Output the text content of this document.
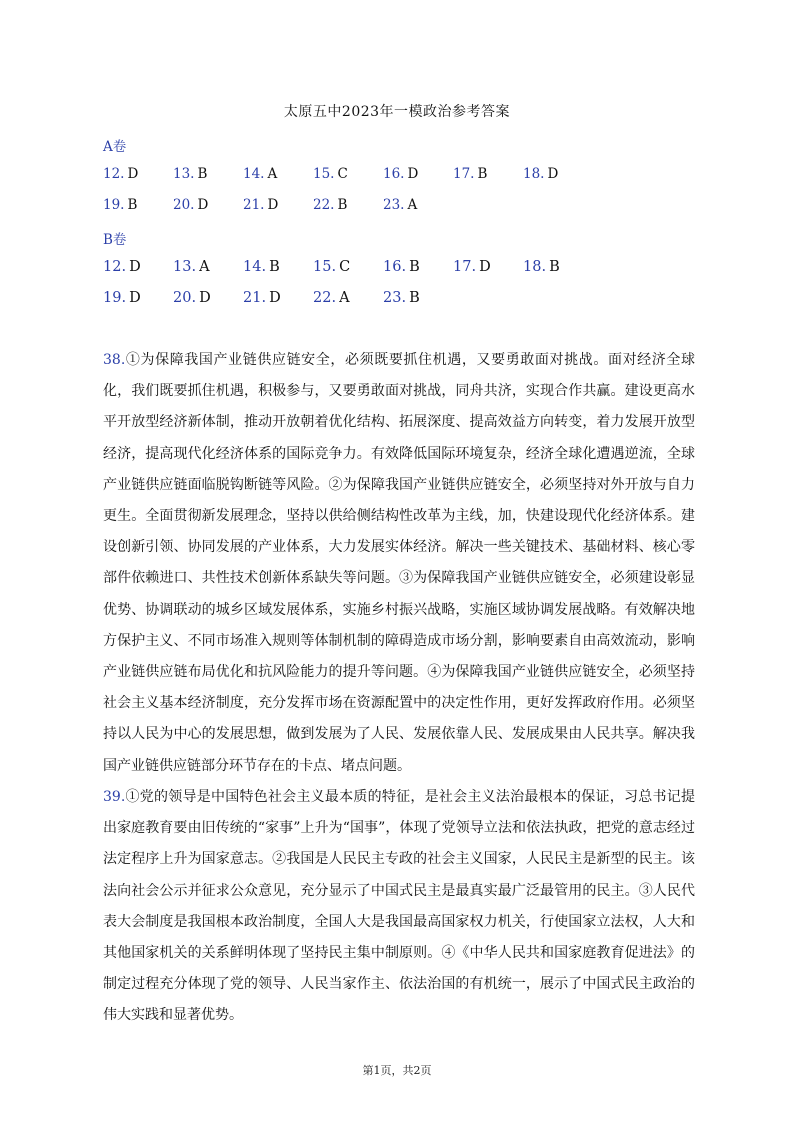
太原五中2023年一模政治参考答案
A卷
12. D	13. B	14. A	15. C	16. D	17. B	18. D
19. B	20. D	21. D	22. B	23. A
B卷
12. D 13. A 14. B 15. C 16. B 17. D 18. B
19. D 20. D 21. D 22. A 23. B
38.①为保障我国产业链供应链安全，必须既要抓住机遇，又要勇敢面对挑战。面对经济全球化，我们既要抓住机遇，积极参与，又要勇敢面对挑战，同舟共济，实现合作共赢。建设更高水平开放型经济新体制，推动开放朝着优化结构、拓展深度、提高效益方向转变，着力发展开放型经济，提高现代化经济体系的国际竞争力。有效降低国际环境复杂，经济全球化遭遇逆流，全球产业链供应链面临脱钩断链等风险。②为保障我国产业链供应链安全，必须坚持对外开放与自力更生。全面贯彻新发展理念，坚持以供给侧结构性改革为主线，加，快建设现代化经济体系。建设创新引领、协同发展的产业体系，大力发展实体经济。解决一些关键技术、基础材料、核心零部件依赖进口、共性技术创新体系缺失等问题。③为保障我国产业链供应链安全，必须建设彰显优势、协调联动的城乡区域发展体系，实施乡村振兴战略，实施区域协调发展战略。有效解决地方保护主义、不同市场准入规则等体制机制的障碍造成市场分割，影响要素自由高效流动，影响产业链供应链布局优化和抗风险能力的提升等问题。④为保障我国产业链供应链安全，必须坚持社会主义基本经济制度，充分发挥市场在资源配置中的决定性作用，更好发挥政府作用。必须坚持以人民为中心的发展思想，做到发展为了人民、发展依靠人民、发展成果由人民共享。解决我国产业链供应链部分环节存在的卡点、堵点问题。
39.①党的领导是中国特色社会主义最本质的特征，是社会主义法治最根本的保证，习总书记提出家庭教育要由旧传统的“家事”上升为“国事”，体现了党领导立法和依法执政，把党的意志经过法定程序上升为国家意志。②我国是人民民主专政的社会主义国家，人民民主是新型的民主。该法向社会公示并征求公众意见，充分显示了中国式民主是最真实最广泛最管用的民主。③人民代表大会制度是我国根本政治制度，全国人大是我国最高国家权力机关，行使国家立法权，人大和其他国家机关的关系鲜明体现了坚持民主集中制原则。④《中华人民共和国家庭教育促进法》的制定过程充分体现了党的领导、人民当家作主、依法治国的有机统一，展示了中国式民主政治的伟大实践和显著优势。
第1页，共2页
